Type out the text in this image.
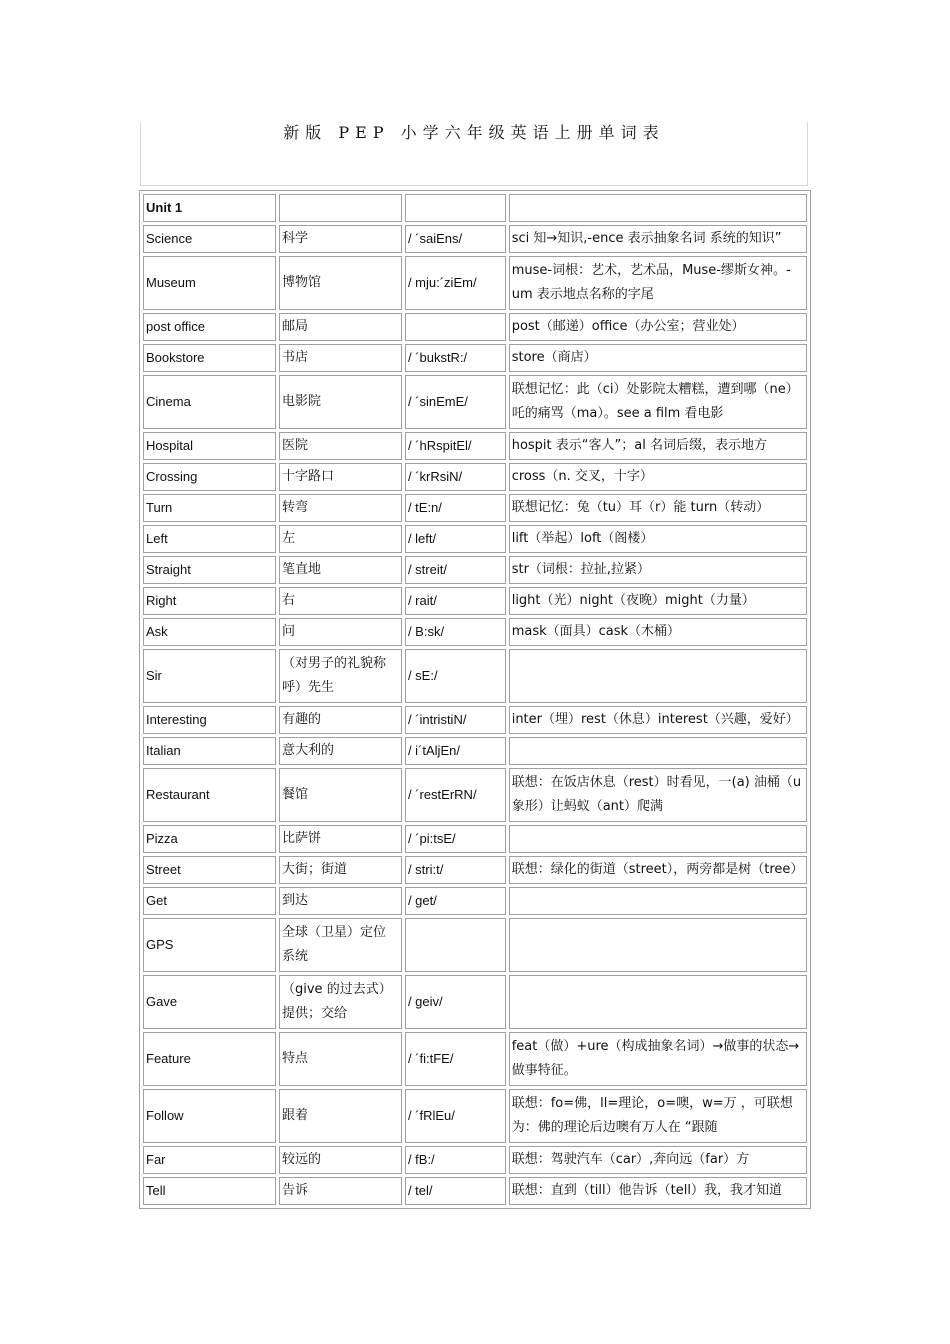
新版 PEP 小学六年级英语上册单词表
Unit 1			
Science	科学	/ ´saiEns/	sci 知→知识,-ence 表示抽象名词 系统的知识”
Museum	博物馆	/ mju:´ziEm/	muse-词根：艺术，艺术品，Muse-缪斯女神。-um 表示地点名称的字尾
post office	邮局		post（邮递）office（办公室；营业处）
Bookstore	书店	/ ´bukstR:/	store（商店）
Cinema	电影院	/ ´sinEmE/	联想记忆：此（ci）处影院太糟糕，遭到哪（ne）吒的痛骂（ma）。see a film 看电影
Hospital	医院	/ ´hRspitEl/	hospit 表示“客人”；al 名词后缀，表示地方
Crossing	十字路口	/ ´krRsiN/	cross（n. 交叉，十字）
Turn	转弯	/ tE:n/	联想记忆：兔（tu）耳（r）能 turn（转动）
Left	左	/ left/	lift（举起）loft（阁楼）
Straight	笔直地	/ streit/	str（词根：拉扯,拉紧）
Right	右	/ rait/	light（光）night（夜晚）might（力量）
Ask	问	/ B:sk/	mask（面具）cask（木桶）
Sir	（对男子的礼貌称呼）先生	/ sE:/	
Interesting	有趣的	/ ´intristiN/	inter（埋）rest（休息）interest（兴趣，爱好）
Italian	意大利的	/ i´tAljEn/	
Restaurant	餐馆	/ ´restErRN/	联想：在饭店休息（rest）时看见，一(a) 油桶（u 象形）让蚂蚁（ant）爬满
Pizza	比萨饼	/ ´pi:tsE/	
Street	大街；街道	/ stri:t/	联想：绿化的街道（street），两旁都是树（tree）
Get	到达	/ get/	
GPS	全球（卫星）定位系统		
Gave	（give 的过去式）提供；交给	/ geiv/	
Feature	特点	/ ´fi:tFE/	feat（做）+ure（构成抽象名词）→做事的状态→做事特征。
Follow	跟着	/ ´fRlEu/	联想：fo=佛，ll=理论，o=噢，w=万 ，可联想为：佛的理论后边噢有万人在 “跟随
Far	较远的	/ fB:/	联想：驾驶汽车（car）,奔向远（far）方
Tell	告诉	/ tel/	联想：直到（till）他告诉（tell）我，我才知道
